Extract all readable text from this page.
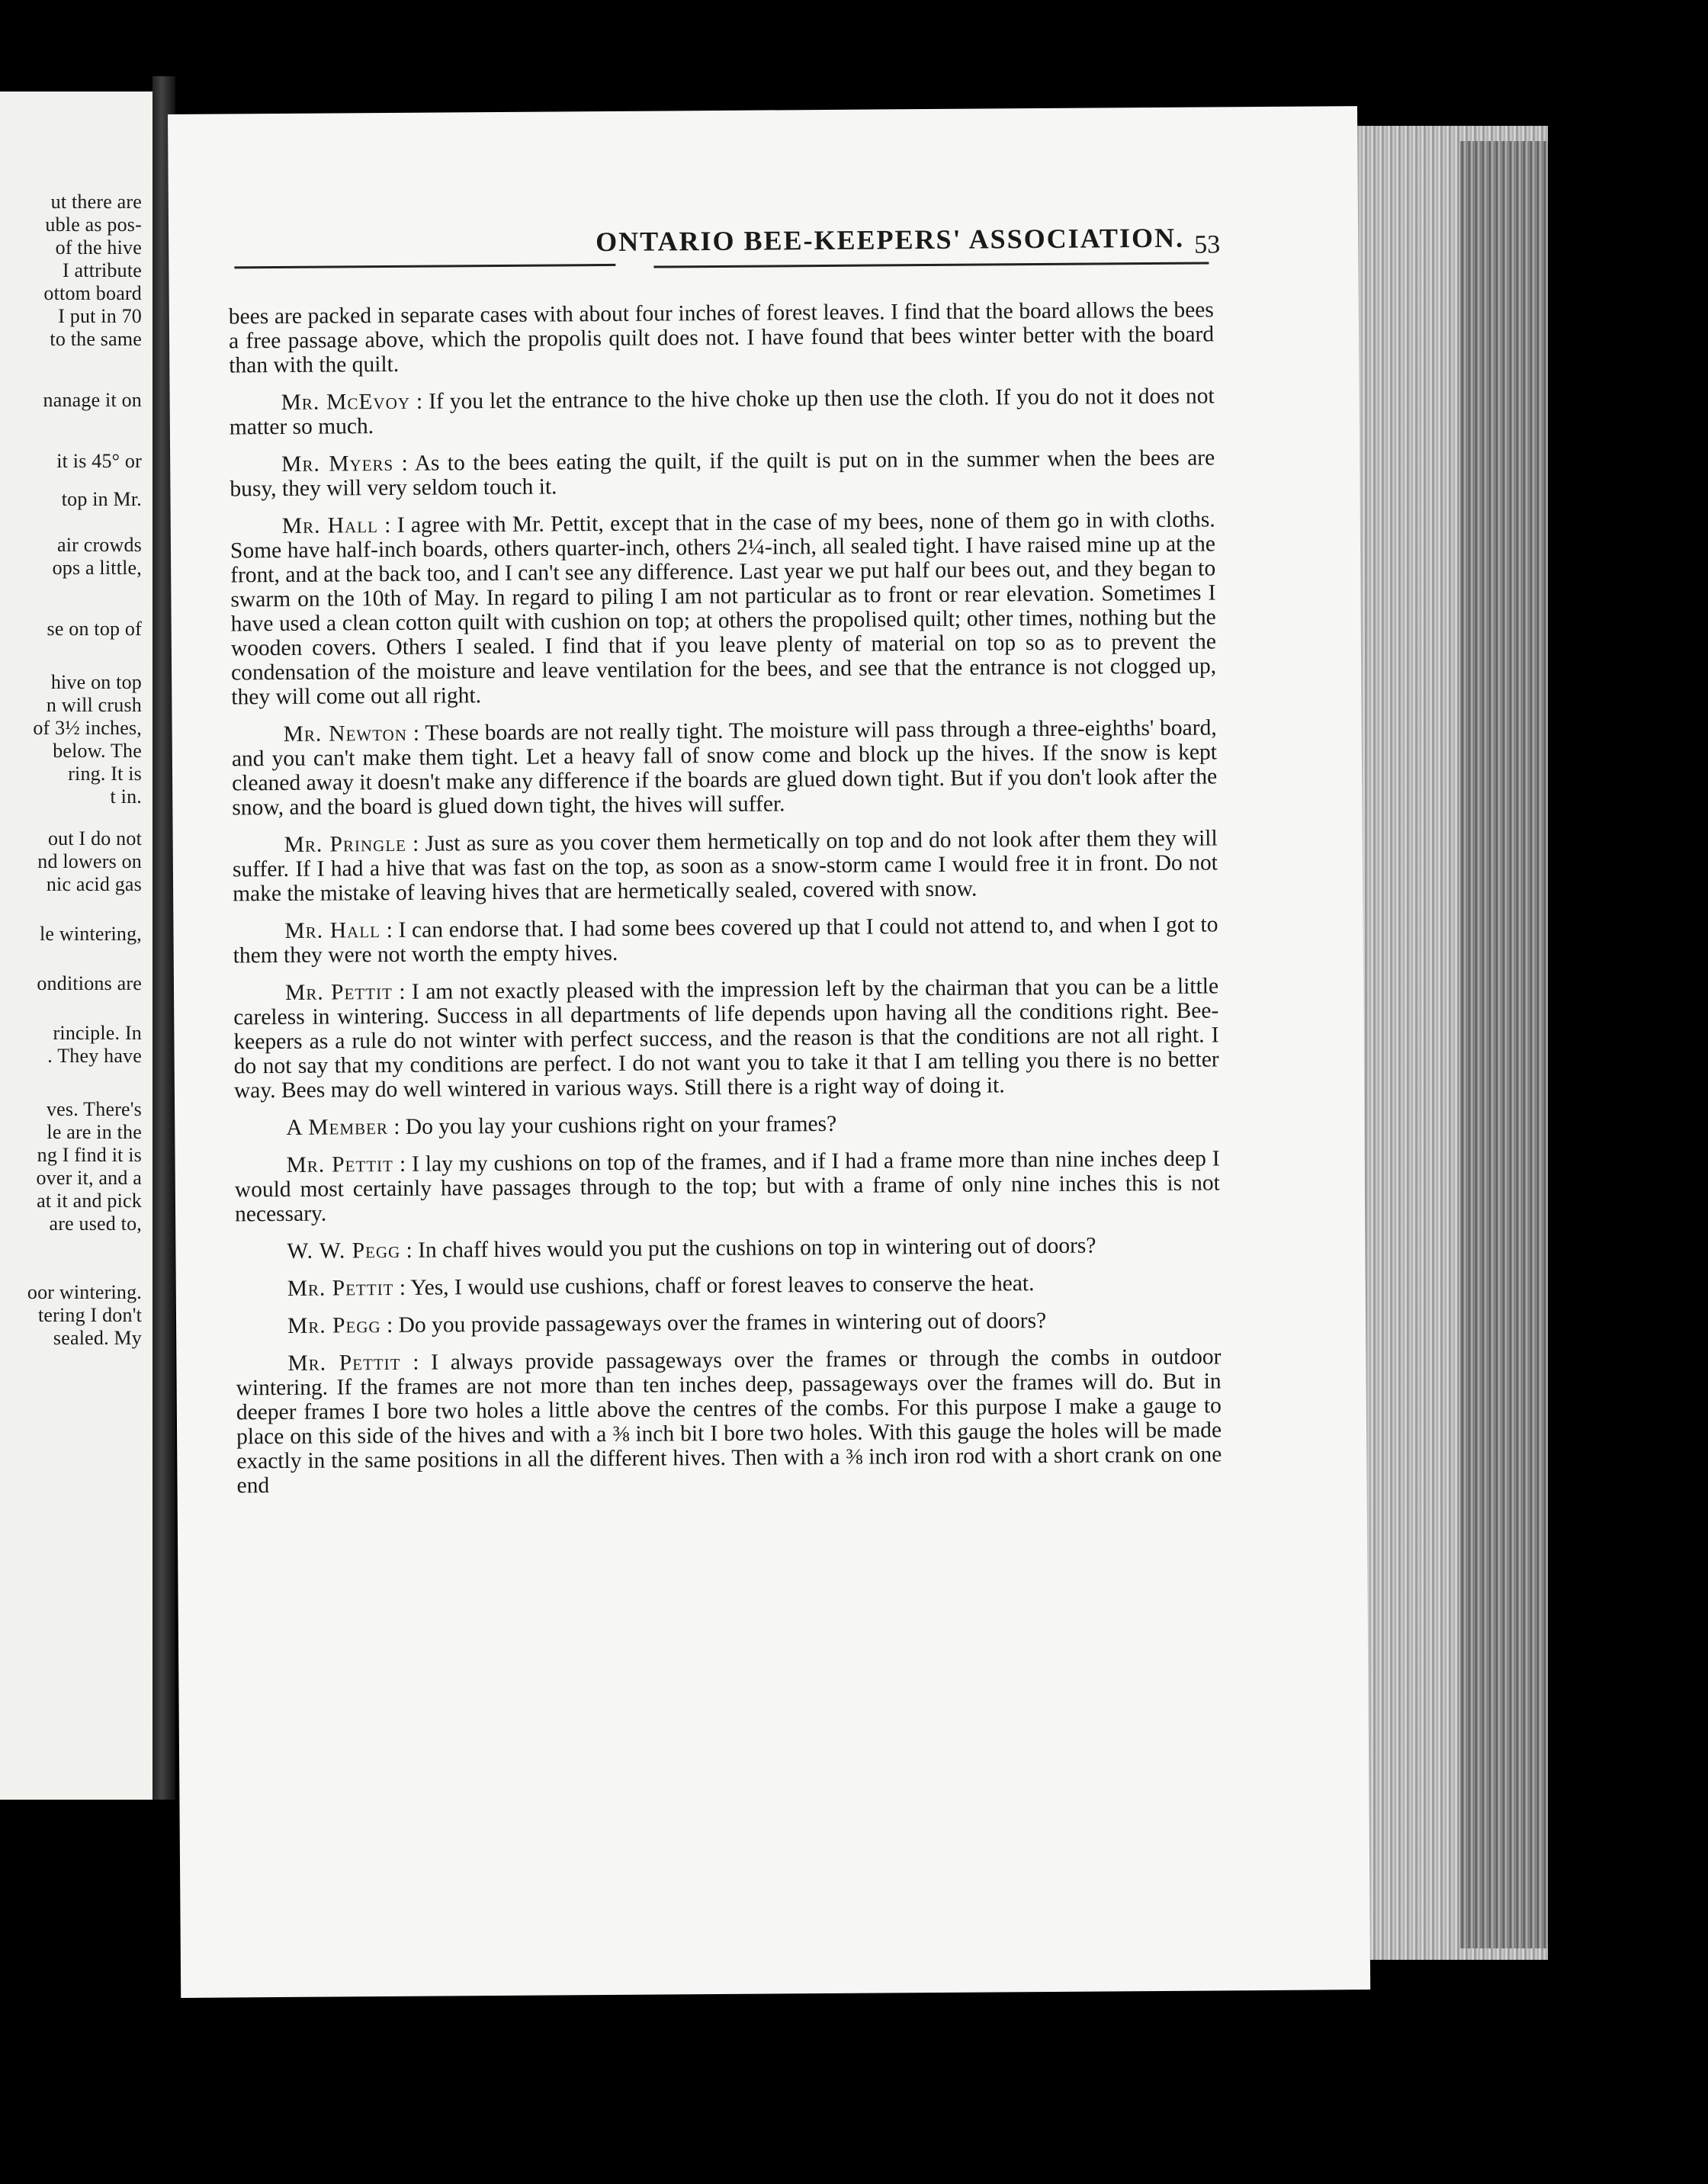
ut there are
uble as pos-
of the hive
I attribute
ottom board
I put in 70
to the same
nanage it on
it is 45° or
top in Mr.
air crowds
ops a little,
se on top of
hive on top
n will crush
of 3½ inches,
below. The
ring. It is
t in.
out I do not
nd lowers on
nic acid gas
le wintering,
onditions are
rinciple. In
. They have
ves. There's
le are in the
ng I find it is
over it, and a
at it and pick
are used to,
oor wintering.
tering I don't
sealed. My
ONTARIO BEE-KEEPERS' ASSOCIATION. 53

bees are packed in separate cases with about four inches of forest leaves. I find that the board allows the bees a free passage above, which the propolis quilt does not. I have found that bees winter better with the board than with the quilt.

Mr. McEvoy : If you let the entrance to the hive choke up then use the cloth. If you do not it does not matter so much.

Mr. Myers : As to the bees eating the quilt, if the quilt is put on in the summer when the bees are busy, they will very seldom touch it.

Mr. Hall : I agree with Mr. Pettit, except that in the case of my bees, none of them go in with cloths. Some have half-inch boards, others quarter-inch, others 2¼-inch, all sealed tight. I have raised mine up at the front, and at the back too, and I can't see any difference. Last year we put half our bees out, and they began to swarm on the 10th of May. In regard to piling I am not particular as to front or rear elevation. Sometimes I have used a clean cotton quilt with cushion on top; at others the propolised quilt; other times, nothing but the wooden covers. Others I sealed. I find that if you leave plenty of material on top so as to prevent the condensation of the moisture and leave ventilation for the bees, and see that the entrance is not clogged up, they will come out all right.

Mr. Newton : These boards are not really tight. The moisture will pass through a three-eighths' board, and you can't make them tight. Let a heavy fall of snow come and block up the hives. If the snow is kept cleaned away it doesn't make any difference if the boards are glued down tight. But if you don't look after the snow, and the board is glued down tight, the hives will suffer.

Mr. Pringle : Just as sure as you cover them hermetically on top and do not look after them they will suffer. If I had a hive that was fast on the top, as soon as a snow-storm came I would free it in front. Do not make the mistake of leaving hives that are hermetically sealed, covered with snow.

Mr. Hall : I can endorse that. I had some bees covered up that I could not attend to, and when I got to them they were not worth the empty hives.

Mr. Pettit : I am not exactly pleased with the impression left by the chairman that you can be a little careless in wintering. Success in all departments of life depends upon having all the conditions right. Bee-keepers as a rule do not winter with perfect success, and the reason is that the conditions are not all right. I do not say that my conditions are perfect. I do not want you to take it that I am telling you there is no better way. Bees may do well wintered in various ways. Still there is a right way of doing it.

A Member : Do you lay your cushions right on your frames?

Mr. Pettit : I lay my cushions on top of the frames, and if I had a frame more than nine inches deep I would most certainly have passages through to the top; but with a frame of only nine inches this is not necessary.

W. W. Pegg : In chaff hives would you put the cushions on top in wintering out of doors?

Mr. Pettit : Yes, I would use cushions, chaff or forest leaves to conserve the heat.

Mr. Pegg : Do you provide passageways over the frames in wintering out of doors?

Mr. Pettit : I always provide passageways over the frames or through the combs in outdoor wintering. If the frames are not more than ten inches deep, passageways over the frames will do. But in deeper frames I bore two holes a little above the centres of the combs. For this purpose I make a gauge to place on this side of the hives and with a ⅜ inch bit I bore two holes. With this gauge the holes will be made exactly in the same positions in all the different hives. Then with a ⅜ inch iron rod with a short crank on one end
